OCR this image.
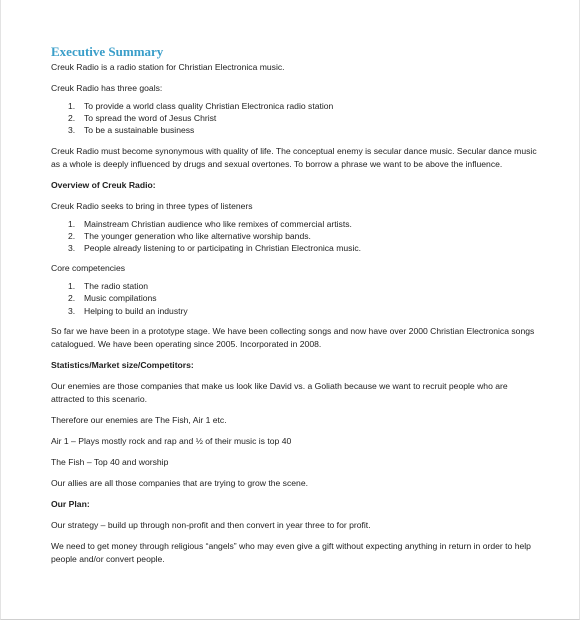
Executive Summary

Creuk Radio is a radio station for Christian Electronica music.

Creuk Radio has three goals:

1. To provide a world class quality Christian Electronica radio station
2. To spread the word of Jesus Christ
3. To be a sustainable business

Creuk Radio must become synonymous with quality of life. The conceptual enemy is secular dance music. Secular dance music as a whole is deeply influenced by drugs and sexual overtones. To borrow a phrase we want to be above the influence.

Overview of Creuk Radio:

Creuk Radio seeks to bring in three types of listeners

1. Mainstream Christian audience who like remixes of commercial artists.
2. The younger generation who like alternative worship bands.
3. People already listening to or participating in Christian Electronica music.

Core competencies

1. The radio station
2. Music compilations
3. Helping to build an industry

So far we have been in a prototype stage. We have been collecting songs and now have over 2000 Christian Electronica songs catalogued. We have been operating since 2005. Incorporated in 2008.

Statistics/Market size/Competitors:

Our enemies are those companies that make us look like David vs. a Goliath because we want to recruit people who are attracted to this scenario.

Therefore our enemies are The Fish, Air 1 etc.

Air 1 – Plays mostly rock and rap and ½ of their music is top 40

The Fish – Top 40 and worship

Our allies are all those companies that are trying to grow the scene.

Our Plan:

Our strategy – build up through non-profit and then convert in year three to for profit.

We need to get money through religious “angels” who may even give a gift without expecting anything in return in order to help people and/or convert people.
